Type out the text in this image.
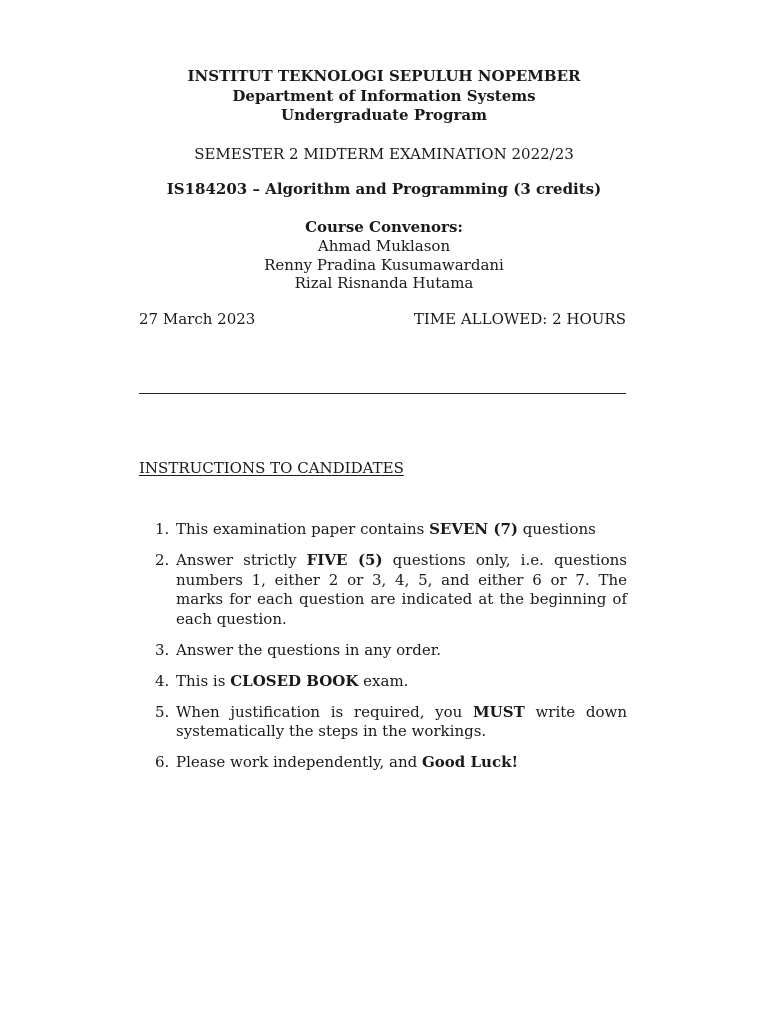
INSTITUT TEKNOLOGI SEPULUH NOPEMBER
Department of Information Systems
Undergraduate Program
SEMESTER 2 MIDTERM EXAMINATION 2022/23
IS184203 – Algorithm and Programming (3 credits)
Course Convenors:
Ahmad Muklason
Renny Pradina Kusumawardani
Rizal Risnanda Hutama
27 March 2023	TIME ALLOWED: 2 HOURS
INSTRUCTIONS TO CANDIDATES
1. This examination paper contains SEVEN (7) questions
2. Answer strictly FIVE (5) questions only, i.e. questions numbers 1, either 2 or 3, 4, 5, and either 6 or 7. The marks for each question are indicated at the beginning of each question.
3. Answer the questions in any order.
4. This is CLOSED BOOK exam.
5. When justification is required, you MUST write down systematically the steps in the workings.
6. Please work independently, and Good Luck!
